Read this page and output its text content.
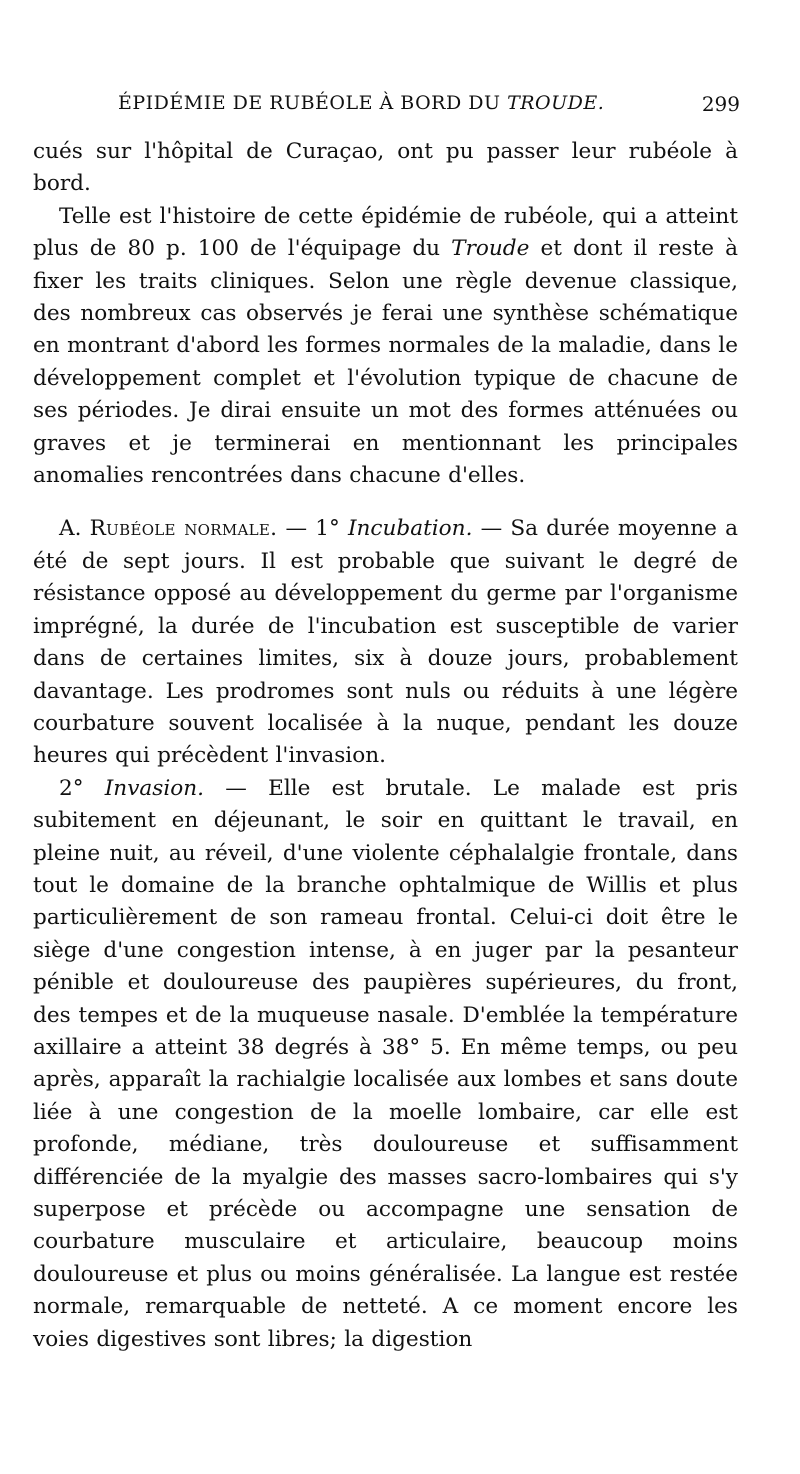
ÉPIDÉMIE DE RUBÉOLE À BORD DU TROUDE.	299

cués sur l'hôpital de Curaçao, ont pu passer leur rubéole à bord.

Telle est l'histoire de cette épidémie de rubéole, qui a atteint plus de 80 p. 100 de l'équipage du Troude et dont il reste à fixer les traits cliniques. Selon une règle devenue classique, des nombreux cas observés je ferai une synthèse schématique en montrant d'abord les formes normales de la maladie, dans le développement complet et l'évolution typique de chacune de ses périodes. Je dirai ensuite un mot des formes atténuées ou graves et je terminerai en mentionnant les principales anomalies rencontrées dans chacune d'elles.

A. Rubéole normale. — 1° Incubation. — Sa durée moyenne a été de sept jours. Il est probable que suivant le degré de résistance opposé au développement du germe par l'organisme imprégné, la durée de l'incubation est susceptible de varier dans de certaines limites, six à douze jours, probablement davantage. Les prodromes sont nuls ou réduits à une légère courbature souvent localisée à la nuque, pendant les douze heures qui précèdent l'invasion.

2° Invasion. — Elle est brutale. Le malade est pris subitement en déjeunant, le soir en quittant le travail, en pleine nuit, au réveil, d'une violente céphalalgie frontale, dans tout le domaine de la branche ophtalmique de Willis et plus particulièrement de son rameau frontal. Celui-ci doit être le siège d'une congestion intense, à en juger par la pesanteur pénible et douloureuse des paupières supérieures, du front, des tempes et de la muqueuse nasale. D'emblée la température axillaire a atteint 38 degrés à 38° 5. En même temps, ou peu après, apparaît la rachialgie localisée aux lombes et sans doute liée à une congestion de la moelle lombaire, car elle est profonde, médiane, très douloureuse et suffisamment différenciée de la myalgie des masses sacro-lombaires qui s'y superpose et précède ou accompagne une sensation de courbature musculaire et articulaire, beaucoup moins douloureuse et plus ou moins généralisée. La langue est restée normale, remarquable de netteté. A ce moment encore les voies digestives sont libres; la digestion
